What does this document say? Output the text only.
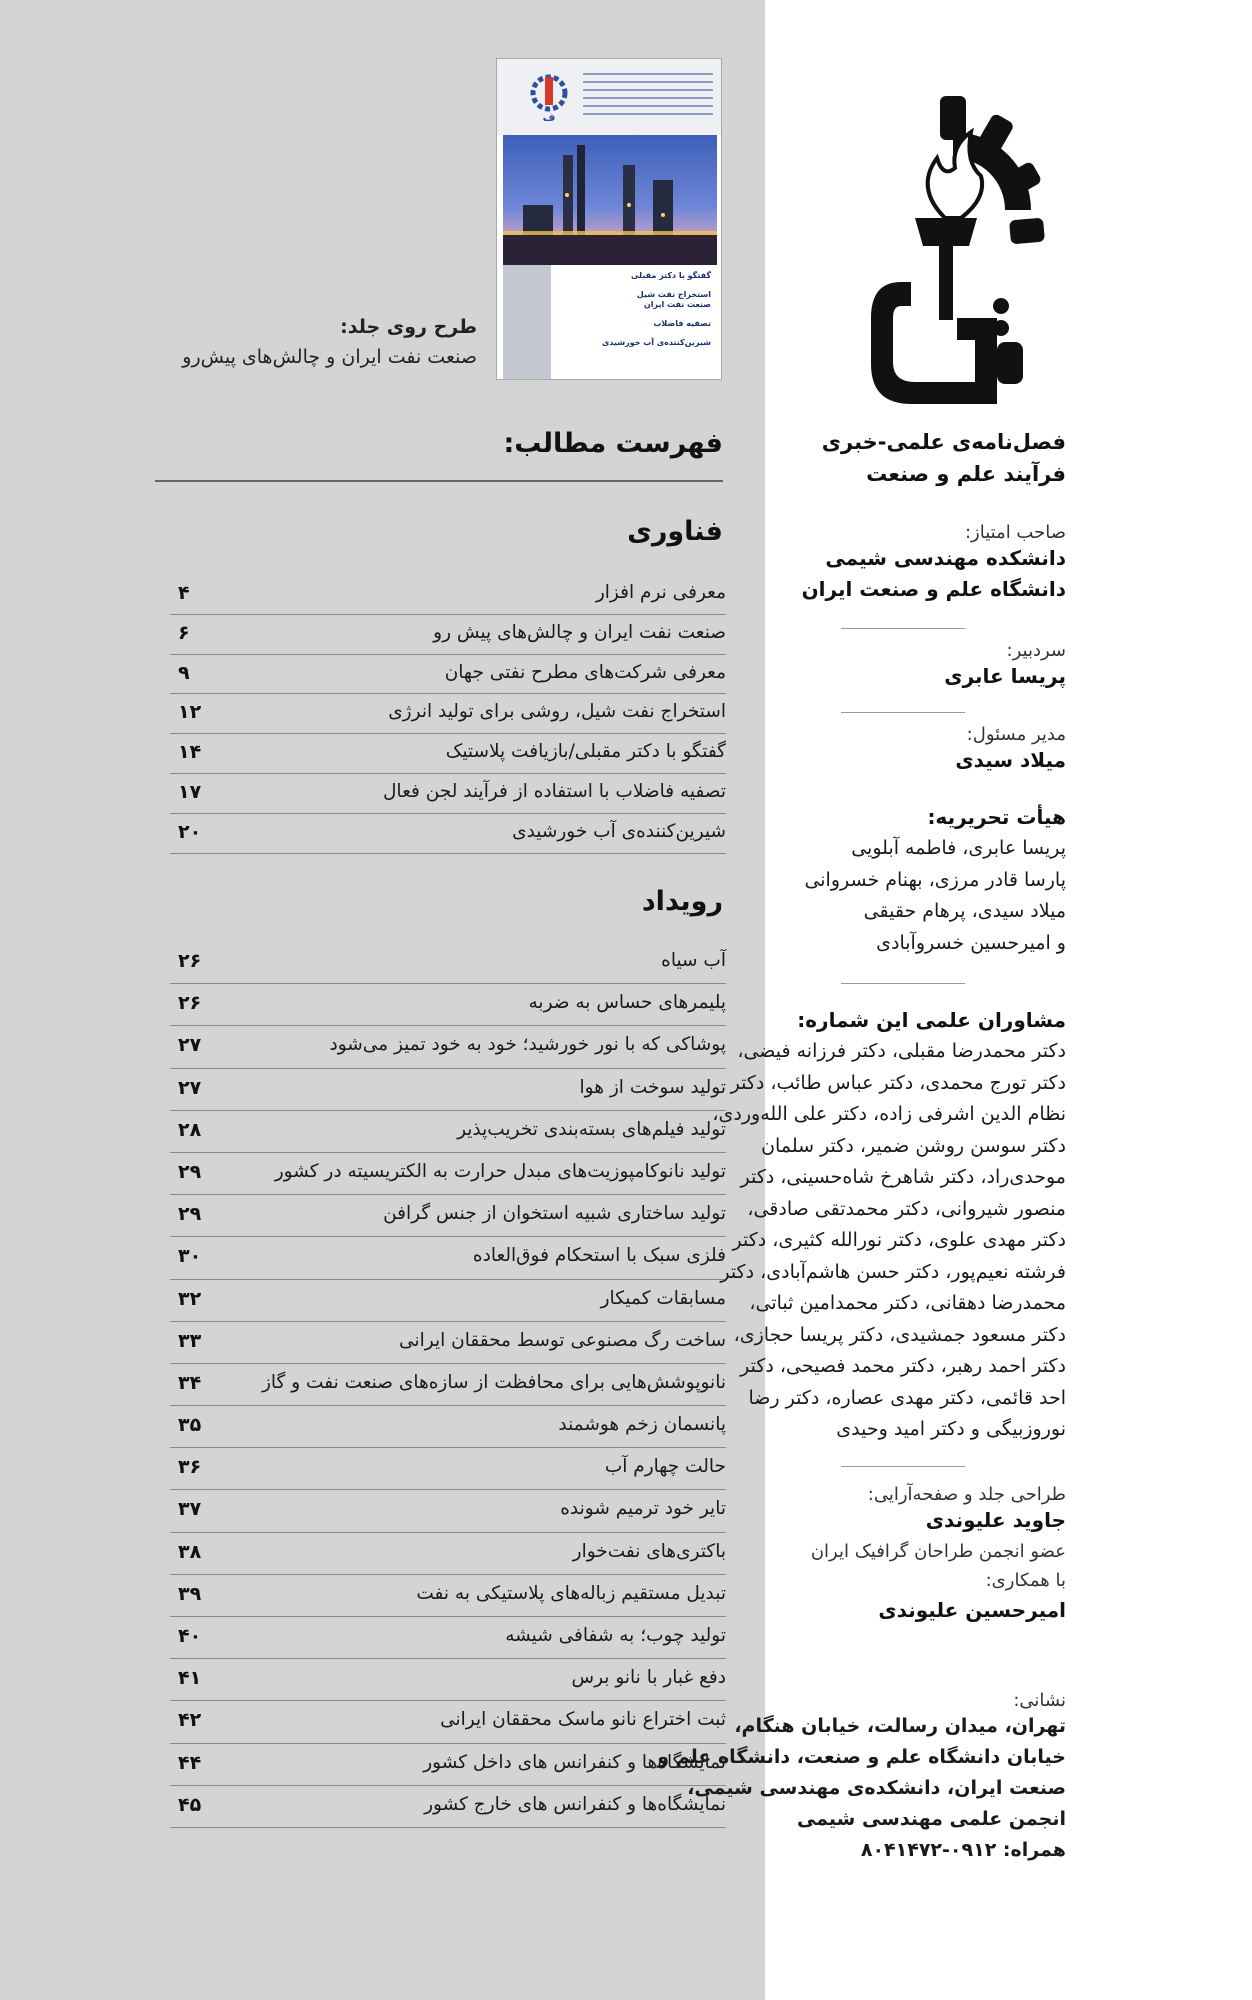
ف
گفتگو با دکتر مقبلی

استخراج نفت شیل
صنعت نفت ایران

تصفیه فاضلاب

شیرین‌کننده‌ی آب خورشیدی
طرح روی جلد:
صنعت نفت ایران و چالش‌های پیش‌رو
فهرست مطالب:
فناوری
معرفی نرم افزار
۴
صنعت نفت ایران و چالش‌های پیش رو
۶
معرفی شرکت‌های مطرح نفتی جهان
۹
استخراج نفت شیل، روشی برای تولید انرژی
۱۲
گفتگو با دکتر مقبلی/بازیافت پلاستیک
۱۴
تصفیه فاضلاب با استفاده از فرآیند لجن فعال
۱۷
شیرین‌کننده‌ی آب خورشیدی
۲۰
رویداد
آب سیاه
۲۶
پلیمرهای حساس به ضربه
۲۶
پوشاکی که با نور خورشید؛ خود به خود تمیز می‌شود
۲۷
تولید سوخت از هوا
۲۷
تولید فیلم‌های بسته‌بندی تخریب‌پذیر
۲۸
تولید نانوکامپوزیت‌های مبدل حرارت به الکتریسیته در کشور
۲۹
تولید ساختاری شبیه استخوان از جنس گرافن
۲۹
فلزی سبک با استحکام فوق‌العاده
۳۰
مسابقات کمیکار
۳۲
ساخت رگ مصنوعی توسط محققان ایرانی
۳۳
نانوپوشش‌هایی برای محافظت از سازه‌های صنعت نفت و گاز
۳۴
پانسمان زخم هوشمند
۳۵
حالت چهارم آب
۳۶
تایر خود ترمیم شونده
۳۷
باکتری‌های نفت‌خوار
۳۸
تبدیل مستقیم زباله‌های پلاستیکی به نفت
۳۹
تولید چوب؛ به شفافی شیشه
۴۰
دفع غبار با نانو برس
۴۱
ثبت اختراع نانو ماسک محققان ایرانی
۴۲
نمایشگاه‌ها و کنفرانس های داخل کشور
۴۴
نمایشگاه‌ها و کنفرانس های خارج کشور
۴۵
فرآیند
فصل‌نامه‌ی علمی-خبری
فرآیند علم و صنعت
صاحب امتیاز:
دانشکده مهندسی شیمی
دانشگاه علم و صنعت ایران
سردبیر:
پریسا عابری
مدیر مسئول:
میلاد سیدی
هیأت تحریریه:
پریسا عابری، فاطمه آبلویی
پارسا قادر مرزی، بهنام خسروانی
میلاد سیدی، پرهام حقیقی
و امیرحسین خسروآبادی
مشاوران علمی این شماره:
دکتر محمدرضا مقبلی، دکتر فرزانه فیضی،
دکتر تورج محمدی، دکتر عباس طائب، دکتر
نظام الدین اشرفی زاده، دکتر علی الله‌وردی،
دکتر سوسن روشن ضمیر، دکتر سلمان
موحدی‌راد، دکتر شاهرخ شاه‌حسینی، دکتر
منصور شیروانی، دکتر محمدتقی صادقی،
دکتر مهدی علوی، دکتر نورالله کثیری، دکتر
فرشته نعیم‌پور، دکتر حسن هاشم‌آبادی، دکتر
محمدرضا دهقانی، دکتر محمدامین ثباتی،
دکتر مسعود جمشیدی، دکتر پریسا حجازی،
دکتر احمد رهبر، دکتر محمد فصیحی، دکتر
احد قائمی، دکتر مهدی عصاره، دکتر رضا
نوروزبیگی و دکتر امید وحیدی
طراحی جلد و صفحه‌آرایی:
جاوید علیوندی
عضو انجمن طراحان گرافیک ایران
با همکاری:
امیرحسین علیوندی
نشانی:
تهران، میدان رسالت، خیابان هنگام،
خیابان دانشگاه علم و صنعت، دانشگاه علم و
صنعت ایران، دانشکده‌ی مهندسی شیمی،
انجمن علمی مهندسی شیمی
همراه: ۰۹۱۲-۸۰۴۱۴۷۲
